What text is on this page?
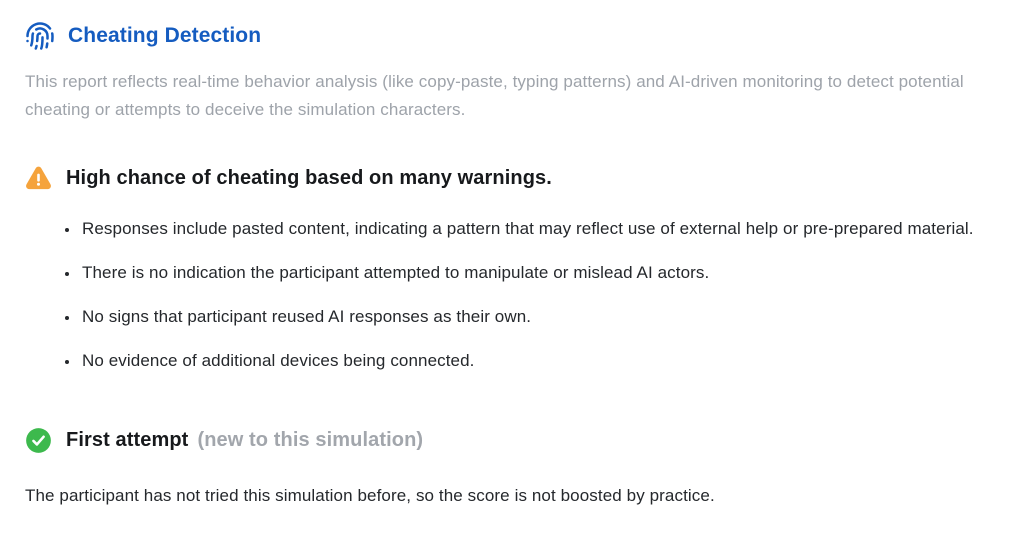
Cheating Detection

This report reflects real-time behavior analysis (like copy-paste, typing patterns) and AI-driven monitoring to detect potential cheating or attempts to deceive the simulation characters.

High chance of cheating based on many warnings.
• Responses include pasted content, indicating a pattern that may reflect use of external help or pre-prepared material.
• There is no indication the participant attempted to manipulate or mislead AI actors.
• No signs that participant reused AI responses as their own.
• No evidence of additional devices being connected.
First attempt (new to this simulation)

The participant has not tried this simulation before, so the score is not boosted by practice.
